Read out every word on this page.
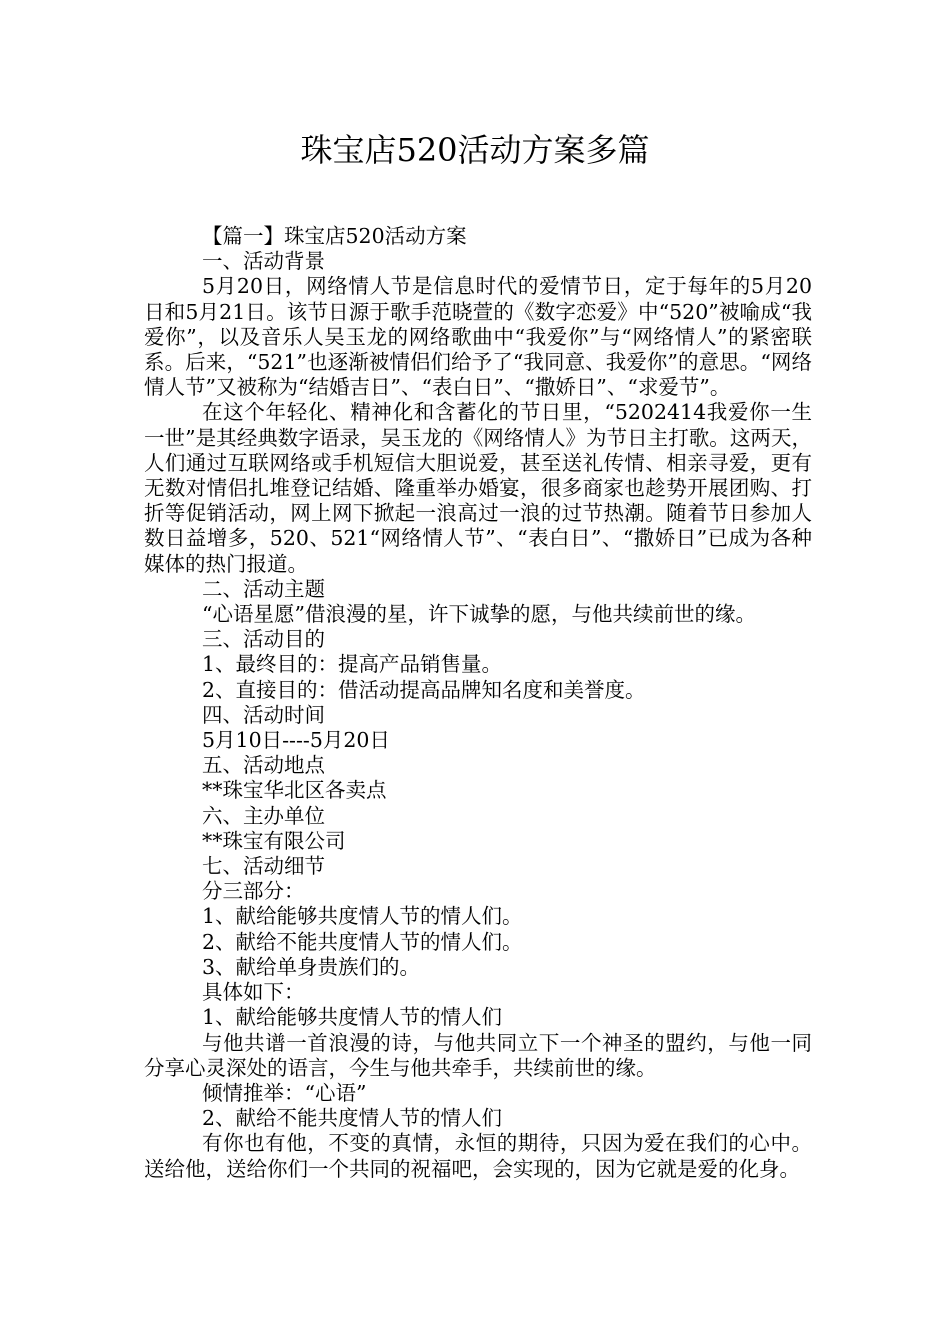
珠宝店520活动方案多篇
【篇一】珠宝店520活动方案
一、活动背景
5月20日，网络情人节是信息时代的爱情节日，定于每年的5月20日和5月21日。该节日源于歌手范晓萱的《数字恋爱》中“520”被喻成“我爱你”，以及音乐人吴玉龙的网络歌曲中“我爱你”与“网络情人”的紧密联系。后来，“521”也逐渐被情侣们给予了“我同意、我爱你”的意思。“网络情人节”又被称为“结婚吉日”、“表白日”、“撒娇日”、“求爱节”。
在这个年轻化、精神化和含蓄化的节日里，“5202414我爱你一生一世”是其经典数字语录，吴玉龙的《网络情人》为节日主打歌。这两天，人们通过互联网络或手机短信大胆说爱，甚至送礼传情、相亲寻爱，更有无数对情侣扎堆登记结婚、隆重举办婚宴，很多商家也趁势开展团购、打折等促销活动，网上网下掀起一浪高过一浪的过节热潮。随着节日参加人数日益增多，520、521“网络情人节”、“表白日”、“撒娇日”已成为各种媒体的热门报道。
二、活动主题
“心语星愿”借浪漫的星，许下诚挚的愿，与他共续前世的缘。
三、活动目的
1、最终目的：提高产品销售量。
2、直接目的：借活动提高品牌知名度和美誉度。
四、活动时间
5月10日----5月20日
五、活动地点
**珠宝华北区各卖点
六、主办单位
**珠宝有限公司
七、活动细节
分三部分：
1、献给能够共度情人节的情人们。
2、献给不能共度情人节的情人们。
3、献给单身贵族们的。
具体如下：
1、献给能够共度情人节的情人们
与他共谱一首浪漫的诗，与他共同立下一个神圣的盟约，与他一同分享心灵深处的语言，今生与他共牵手，共续前世的缘。
倾情推举：“心语”
2、献给不能共度情人节的情人们
有你也有他，不变的真情，永恒的期待，只因为爱在我们的心中。送给他，送给你们一个共同的祝福吧，会实现的，因为它就是爱的化身。
